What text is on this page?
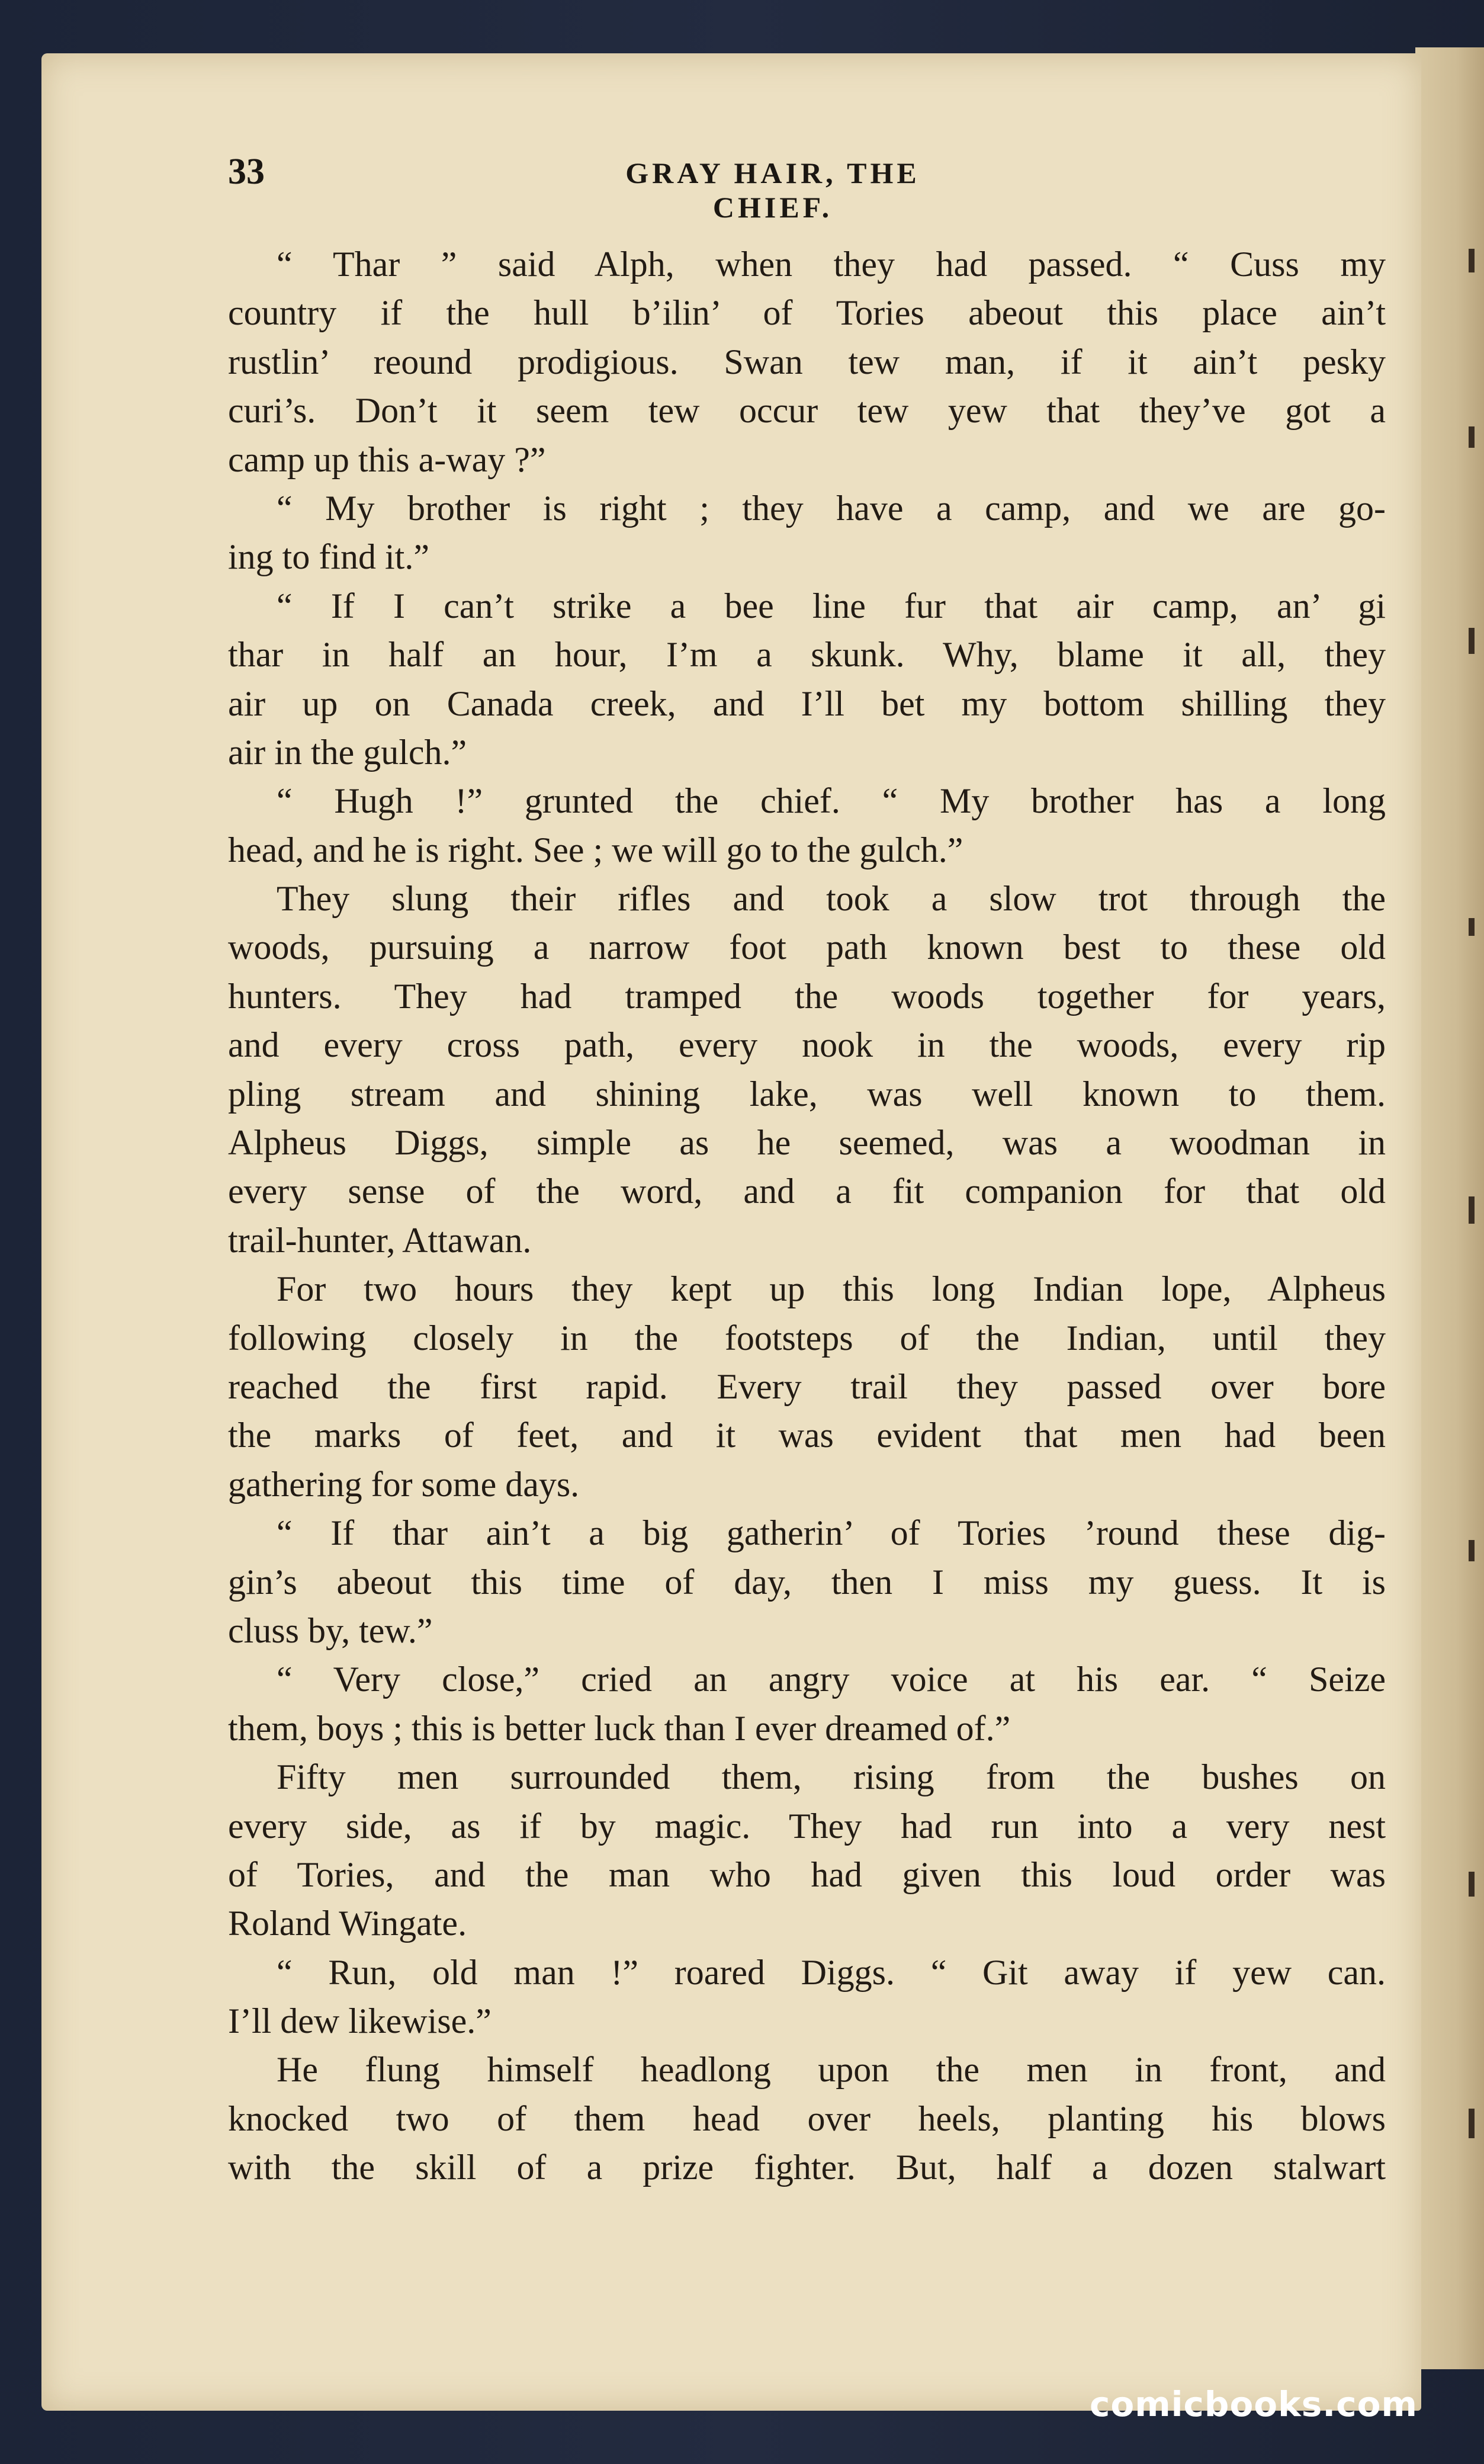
33	GRAY HAIR, THE CHIEF.
“ Thar ” said Alph, when they had passed. “ Cuss my
country if the hull b’ilin’ of Tories abeout this place ain’t
rustlin’ reound prodigious. Swan tew man, if it ain’t pesky
curi’s. Don’t it seem tew occur tew yew that they’ve got a
camp up this a-way ?”
“ My brother is right ; they have a camp, and we are go-
ing to find it.”
“ If I can’t strike a bee line fur that air camp, an’ gi
thar in half an hour, I’m a skunk. Why, blame it all, they
air up on Canada creek, and I’ll bet my bottom shilling they
air in the gulch.”
“ Hugh !” grunted the chief. “ My brother has a long
head, and he is right. See ; we will go to the gulch.”
They slung their rifles and took a slow trot through the
woods, pursuing a narrow foot path known best to these old
hunters. They had tramped the woods together for years,
and every cross path, every nook in the woods, every rip
pling stream and shining lake, was well known to them.
Alpheus Diggs, simple as he seemed, was a woodman in
every sense of the word, and a fit companion for that old
trail-hunter, Attawan.
For two hours they kept up this long Indian lope, Alpheus
following closely in the footsteps of the Indian, until they
reached the first rapid. Every trail they passed over bore
the marks of feet, and it was evident that men had been
gathering for some days.
“ If thar ain’t a big gatherin’ of Tories ’round these dig-
gin’s abeout this time of day, then I miss my guess. It is
cluss by, tew.”
“ Very close,” cried an angry voice at his ear. “ Seize
them, boys ; this is better luck than I ever dreamed of.”
Fifty men surrounded them, rising from the bushes on
every side, as if by magic. They had run into a very nest
of Tories, and the man who had given this loud order was
Roland Wingate.
“ Run, old man !” roared Diggs. “ Git away if yew can.
I’ll dew likewise.”
He flung himself headlong upon the men in front, and
knocked two of them head over heels, planting his blows
with the skill of a prize fighter. But, half a dozen stalwart
comicbooks.com
